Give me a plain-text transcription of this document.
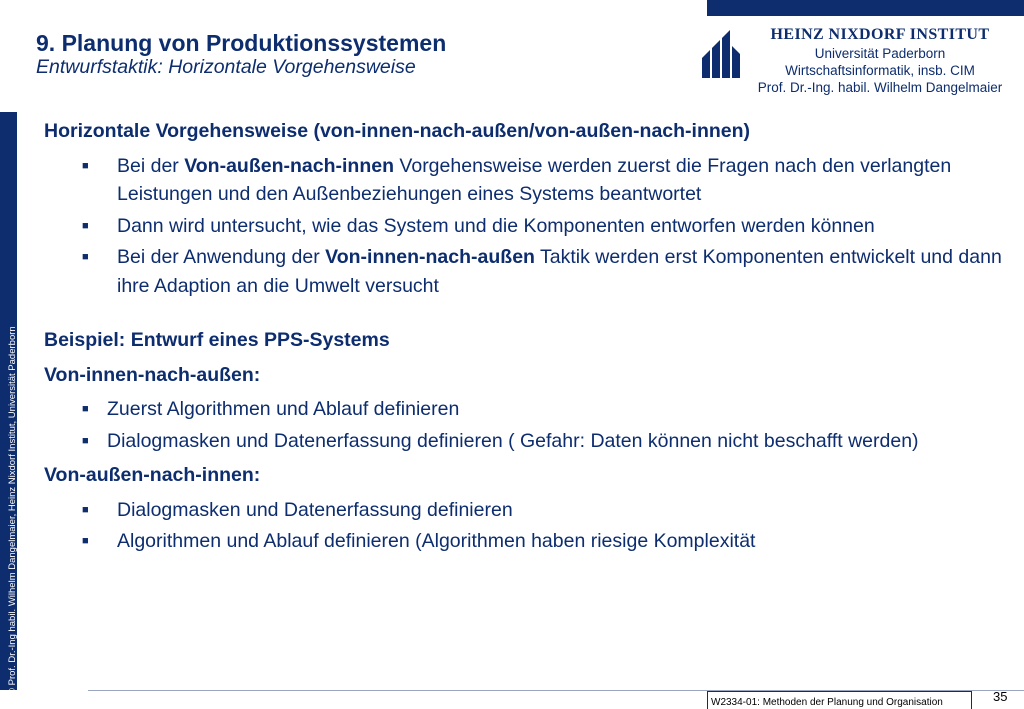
© Prof. Dr.-Ing habil. Wilhelm Dangelmaier, Heinz Nixdorf Institut, Universität Paderborn
9. Planung von Produktionssystemen
Entwurfstaktik: Horizontale Vorgehensweise
HEINZ NIXDORF INSTITUT
Universität Paderborn
Wirtschaftsinformatik, insb. CIM
Prof. Dr.-Ing. habil. Wilhelm Dangelmaier
Horizontale Vorgehensweise (von-innen-nach-außen/von-außen-nach-innen)
■ Bei der Von-außen-nach-innen Vorgehensweise werden zuerst die Fragen nach den verlangten Leistungen und den Außenbeziehungen eines Systems beantwortet
■ Dann wird untersucht, wie das System und die Komponenten entworfen werden können
■ Bei der Anwendung der Von-innen-nach-außen Taktik werden erst Komponenten entwickelt und dann ihre Adaption an die Umwelt versucht
Beispiel: Entwurf eines PPS-Systems
Von-innen-nach-außen:
■ Zuerst Algorithmen und Ablauf definieren
■ Dialogmasken und Datenerfassung definieren ( Gefahr: Daten können nicht beschafft werden)
Von-außen-nach-innen:
■ Dialogmasken und Datenerfassung definieren
■ Algorithmen und Ablauf definieren (Algorithmen haben riesige Komplexität
W2334-01: Methoden der Planung und Organisation	35
